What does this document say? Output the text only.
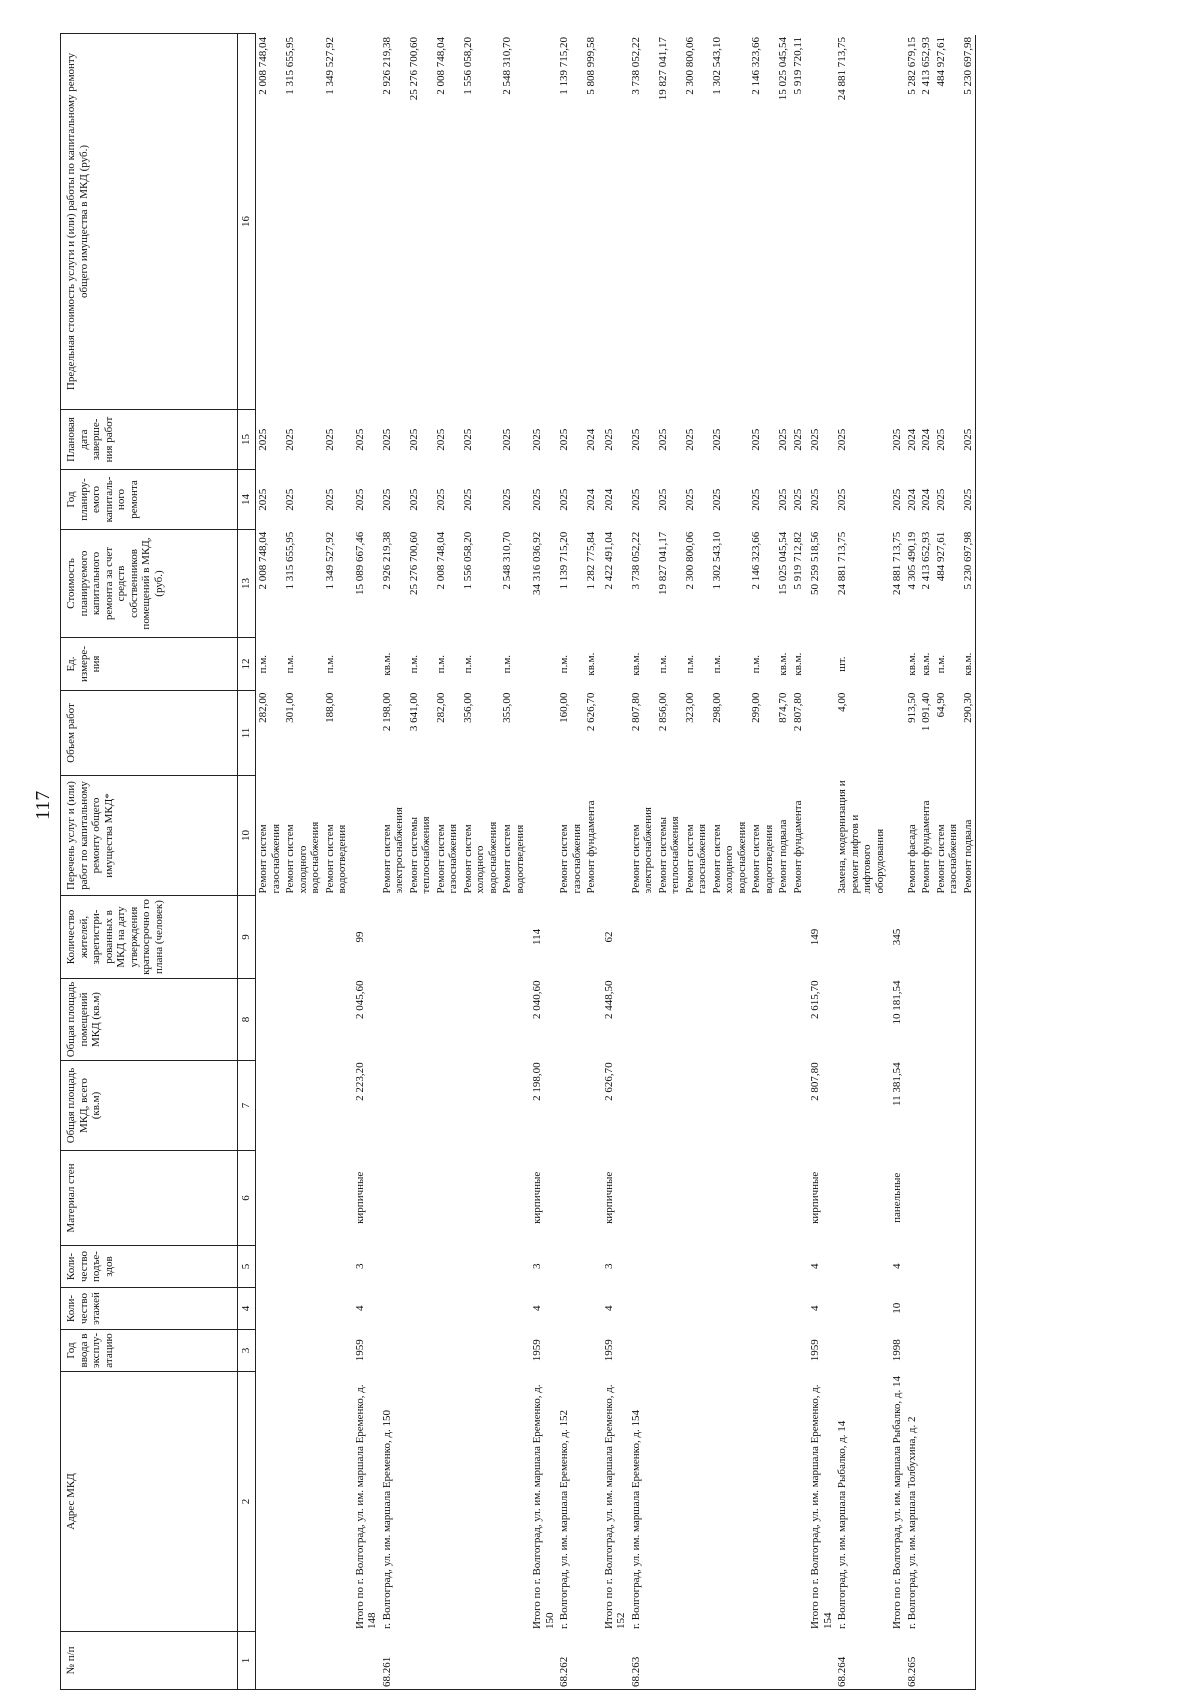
117
№ п/п
Адрес МКД
Год ввода в эксплу-атацию
Коли-чество этажей
Коли-чество подъе-здов
Материал стен
Общая площадь МКД, всего (кв.м)
Общая площадь помещений МКД (кв.м)
Количество жителей, зарегистри-рованных в МКД на дату утверждения краткосрочно го плана (человек)
Перечень услуг и (или) работ по капитальному ремонту общего имущества МКД*
Объем работ
Ед. измере-ния
Стоимость планируемого капитального ремонта за счет средств собственников помещений в МКД, (руб.)
Год планиру-емого капиталь-ного ремонта
Плановая дата заверше-ния работ
Предельная стоимость услуги и (или) работы по капитальному ремонту общего имущества в МКД (руб.)
1
2
3
4
5
6
7
8
9
10
11
12
13
14
15
16
Ремонт систем газоснабжения
282,00
п.м.
2 008 748,04
2025
2025
2 008 748,04
Ремонт систем холодного водоснабжения
301,00
п.м.
1 315 655,95
2025
2025
1 315 655,95
Ремонт систем водоотведения
188,00
п.м.
1 349 527,92
2025
2025
1 349 527,92
Итого по г. Волгоград, ул. им. маршала Еременко, д. 148
1959
4
3
кирпичные
2 223,20
2 045,60
99
15 089 667,46
2025
2025
68.261
г. Волгоград, ул. им. маршала Еременко, д. 150
Ремонт систем электроснабжения
2 198,00
кв.м.
2 926 219,38
2025
2025
2 926 219,38
Ремонт системы теплоснабжения
3 641,00
п.м.
25 276 700,60
2025
2025
25 276 700,60
Ремонт систем газоснабжения
282,00
п.м.
2 008 748,04
2025
2025
2 008 748,04
Ремонт систем холодного водоснабжения
356,00
п.м.
1 556 058,20
2025
2025
1 556 058,20
Ремонт систем водоотведения
355,00
п.м.
2 548 310,70
2025
2025
2 548 310,70
Итого по г. Волгоград, ул. им. маршала Еременко, д. 150
1959
4
3
кирпичные
2 198,00
2 040,60
114
34 316 036,92
2025
2025
68.262
г. Волгоград, ул. им. маршала Еременко, д. 152
Ремонт систем газоснабжения
160,00
п.м.
1 139 715,20
2025
2025
1 139 715,20
Ремонт фундамента
2 626,70
кв.м.
1 282 775,84
2024
2024
5 808 999,58
Итого по г. Волгоград, ул. им. маршала Еременко, д. 152
1959
4
3
кирпичные
2 626,70
2 448,50
62
2 422 491,04
2024
2025
68.263
г. Волгоград, ул. им. маршала Еременко, д. 154
Ремонт систем электроснабжения
2 807,80
кв.м.
3 738 052,22
2025
2025
3 738 052,22
Ремонт системы теплоснабжения
2 856,00
п.м.
19 827 041,17
2025
2025
19 827 041,17
Ремонт систем газоснабжения
323,00
п.м.
2 300 800,06
2025
2025
2 300 800,06
Ремонт систем холодного водоснабжения
298,00
п.м.
1 302 543,10
2025
2025
1 302 543,10
Ремонт систем водоотведения
299,00
п.м.
2 146 323,66
2025
2025
2 146 323,66
Ремонт подвала
874,70
кв.м.
15 025 045,54
2025
2025
15 025 045,54
Ремонт фундамента
2 807,80
кв.м.
5 919 712,82
2025
2025
5 919 720,11
Итого по г. Волгоград, ул. им. маршала Еременко, д. 154
1959
4
4
кирпичные
2 807,80
2 615,70
149
50 259 518,56
2025
2025
68.264
г. Волгоград, ул. им. маршала Рыбалко, д. 14
Замена, модернизация и ремонт лифтов и лифтового оборудования
4,00
шт.
24 881 713,75
2025
2025
24 881 713,75
Итого по г. Волгоград, ул. им. маршала Рыбалко, д. 14
1998
10
4
панельные
11 381,54
10 181,54
345
24 881 713,75
2025
2025
68.265
г. Волгоград, ул. им. маршала Толбухина, д. 2
Ремонт фасада
913,50
кв.м.
4 305 490,19
2024
2024
5 282 679,15
Ремонт фундамента
1 091,40
кв.м.
2 413 652,93
2024
2024
2 413 652,93
Ремонт систем газоснабжения
64,90
п.м.
484 927,61
2025
2025
484 927,61
Ремонт подвала
290,30
кв.м.
5 230 697,98
2025
2025
5 230 697,98
